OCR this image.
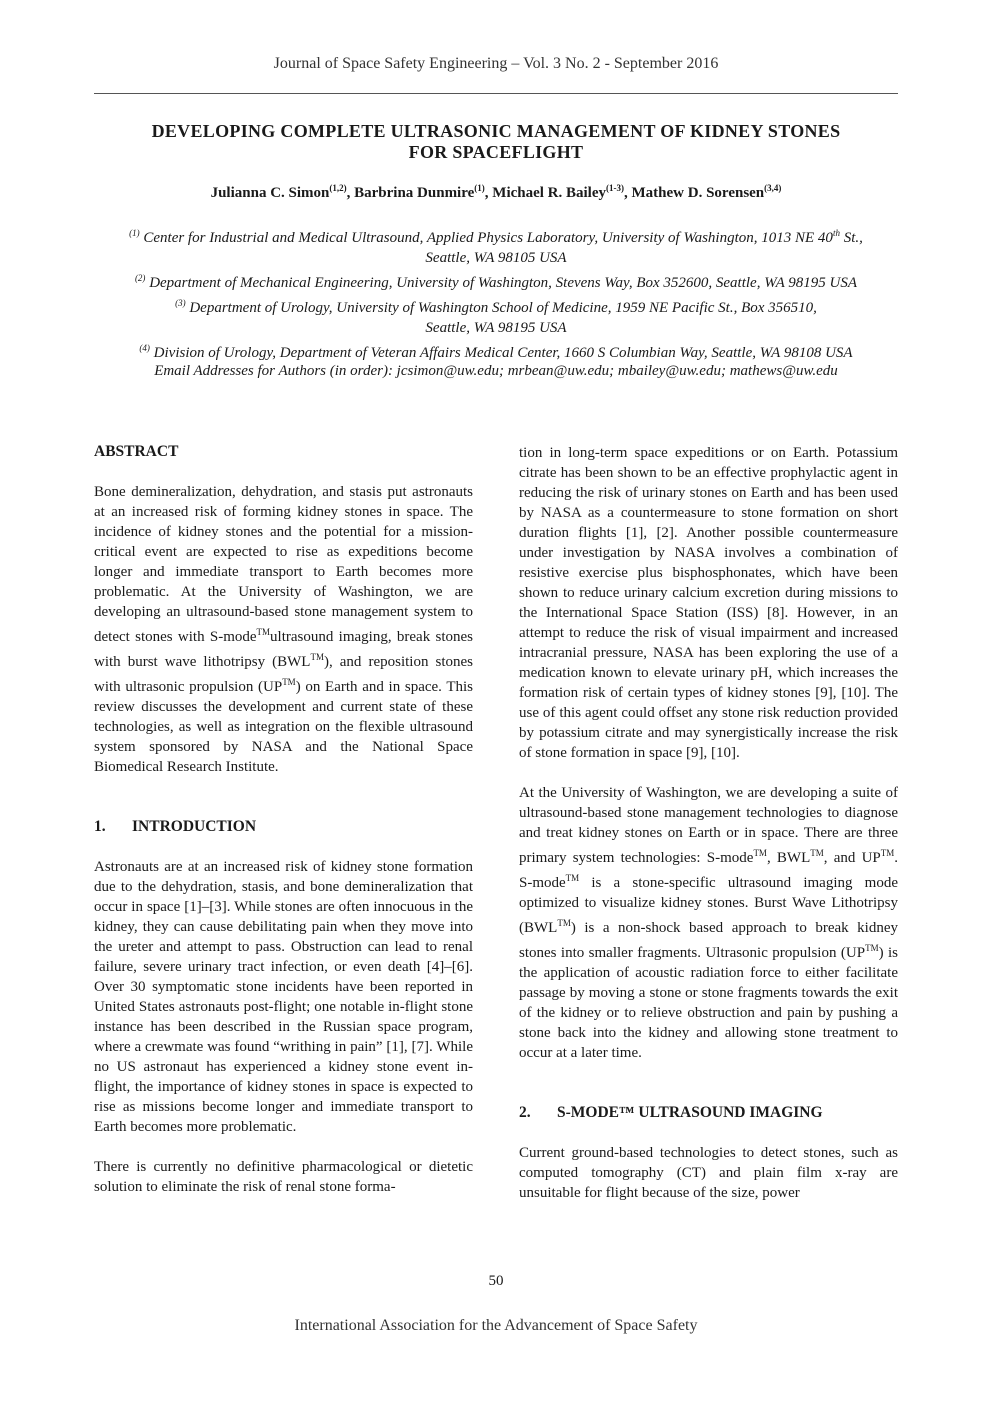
Journal of Space Safety Engineering – Vol. 3 No. 2 - September 2016
DEVELOPING COMPLETE ULTRASONIC MANAGEMENT OF KIDNEY STONES
FOR SPACEFLIGHT
Julianna C. Simon$^{(1,2)}$, Barbrina Dunmire$^{(1)}$, Michael R. Bailey$^{(1-3)}$, Mathew D. Sorensen$^{(3,4)}$
$^{(1)}$ Center for Industrial and Medical Ultrasound, Applied Physics Laboratory, University of Washington, 1013 NE 40th St.,
Seattle, WA 98105 USA
$^{(2)}$ Department of Mechanical Engineering, University of Washington, Stevens Way, Box 352600, Seattle, WA 98195 USA
$^{(3)}$ Department of Urology, University of Washington School of Medicine, 1959 NE Pacific St., Box 356510,
Seattle, WA 98195 USA
$^{(4)}$ Division of Urology, Department of Veteran Affairs Medical Center, 1660 S Columbian Way, Seattle, WA 98108 USA
Email Addresses for Authors (in order): jcsimon@uw.edu; mrbean@uw.edu; mbailey@uw.edu; mathews@uw.edu
ABSTRACT

Bone demineralization, dehydration, and stasis put astronauts at an increased risk of forming kidney stones in space. The incidence of kidney stones and the potential for a mission-critical event are expected to rise as expeditions become longer and immediate transport to Earth becomes more problematic. At the University of Washington, we are developing an ultrasound-based stone management system to detect stones with S-mode™ultrasound imaging, break stones with burst wave lithotripsy (BWL™), and reposition stones with ultrasonic propulsion (UP™) on Earth and in space. This review discusses the development and current state of these technologies, as well as integration on the flexible ultrasound system sponsored by NASA and the National Space Biomedical Research Institute.

1. INTRODUCTION

Astronauts are at an increased risk of kidney stone formation due to the dehydration, stasis, and bone demineralization that occur in space [1]–[3]. While stones are often innocuous in the kidney, they can cause debilitating pain when they move into the ureter and attempt to pass. Obstruction can lead to renal failure, severe urinary tract infection, or even death [4]–[6]. Over 30 symptomatic stone incidents have been reported in United States astronauts post-flight; one notable in-flight stone instance has been described in the Russian space program, where a crewmate was found “writhing in pain” [1], [7]. While no US astronaut has experienced a kidney stone event in-flight, the importance of kidney stones in space is expected to rise as missions become longer and immediate transport to Earth becomes more problematic.

There is currently no definitive pharmacological or dietetic solution to eliminate the risk of renal stone forma-

tion in long-term space expeditions or on Earth. Potassium citrate has been shown to be an effective prophylactic agent in reducing the risk of urinary stones on Earth and has been used by NASA as a countermeasure to stone formation on short duration flights [1], [2]. Another possible countermeasure under investigation by NASA involves a combination of resistive exercise plus bisphosphonates, which have been shown to reduce urinary calcium excretion during missions to the International Space Station (ISS) [8]. However, in an attempt to reduce the risk of visual impairment and increased intracranial pressure, NASA has been exploring the use of a medication known to elevate urinary pH, which increases the formation risk of certain types of kidney stones [9], [10]. The use of this agent could offset any stone risk reduction provided by potassium citrate and may synergistically increase the risk of stone formation in space [9], [10].

At the University of Washington, we are developing a suite of ultrasound-based stone management technologies to diagnose and treat kidney stones on Earth or in space. There are three primary system technologies: S-mode™, BWL™, and UP™. S-mode™ is a stone-specific ultrasound imaging mode optimized to visualize kidney stones. Burst Wave Lithotripsy (BWL™) is a non-shock based approach to break kidney stones into smaller fragments. Ultrasonic propulsion (UP™) is the application of acoustic radiation force to either facilitate passage by moving a stone or stone fragments towards the exit of the kidney or to relieve obstruction and pain by pushing a stone back into the kidney and allowing stone treatment to occur at a later time.

2. S-MODE™ ULTRASOUND IMAGING

Current ground-based technologies to detect stones, such as computed tomography (CT) and plain film x-ray are unsuitable for flight because of the size, power

50
International Association for the Advancement of Space Safety
